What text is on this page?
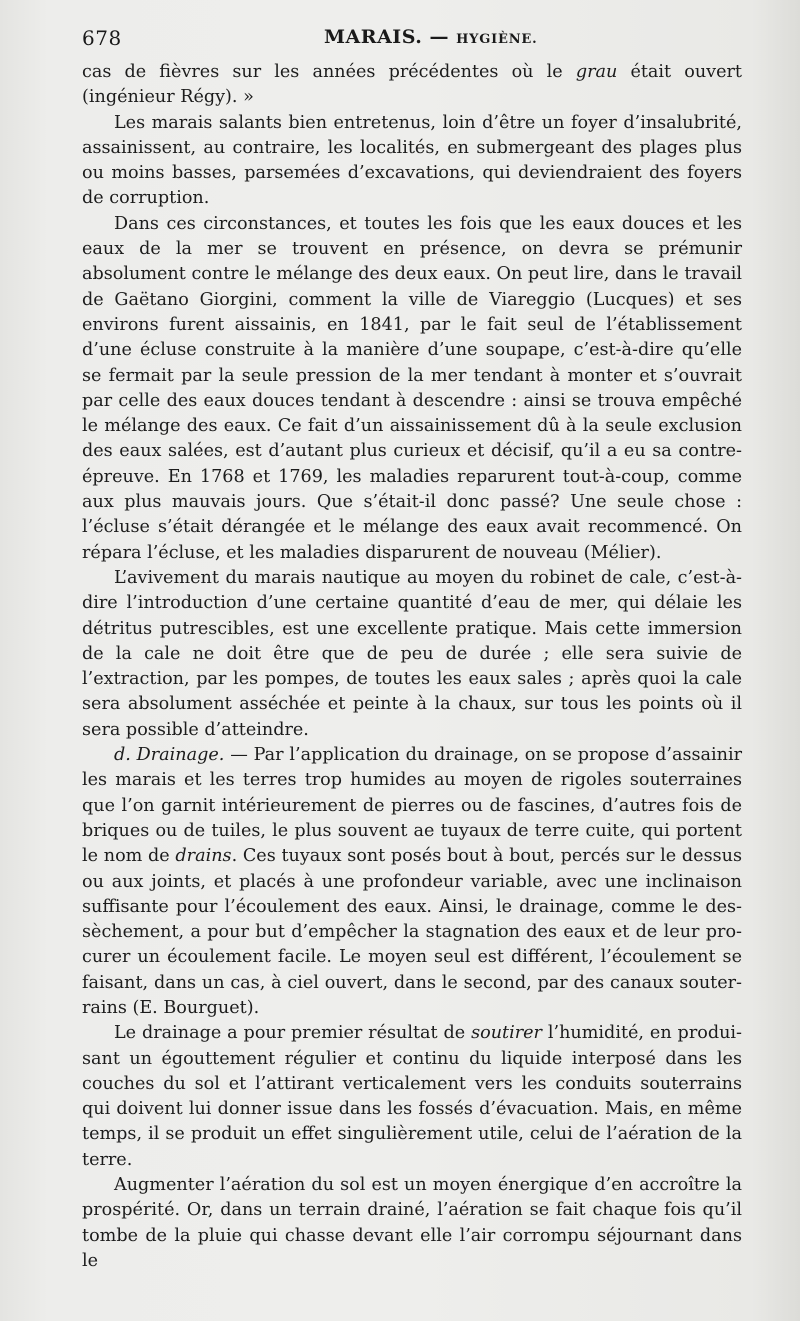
678	MARAIS. — HYGIÈNE.

cas de fièvres sur les années précédentes où le grau était ouvert (ingénieur Régy). »

Les marais salants bien entretenus, loin d’être un foyer d’insalubrité, assainissent, au contraire, les localités, en submergeant des plages plus ou moins basses, parsemées d’excavations, qui deviendraient des foyers de corruption.

Dans ces circonstances, et toutes les fois que les eaux douces et les eaux de la mer se trouvent en présence, on devra se prémunir absolument contre le mélange des deux eaux. On peut lire, dans le travail de Gaëtano Giorgini, comment la ville de Viareggio (Lucques) et ses environs furent aissainis, en 1841, par le fait seul de l’établissement d’une écluse construite à la manière d’une soupape, c’est-à-dire qu’elle se fermait par la seule pression de la mer tendant à monter et s’ouvrait par celle des eaux douces tendant à descendre : ainsi se trouva empêché le mélange des eaux. Ce fait d’un aissainissement dû à la seule exclusion des eaux salées, est d’autant plus curieux et décisif, qu’il a eu sa contre-épreuve. En 1768 et 1769, les maladies reparurent tout-à-coup, comme aux plus mauvais jours. Que s’était-il donc passé? Une seule chose : l’écluse s’était dérangée et le mélange des eaux avait recommencé. On répara l’écluse, et les maladies disparurent de nouveau (Mélier).

L’avivement du marais nautique au moyen du robinet de cale, c’est-à-dire l’introduction d’une certaine quantité d’eau de mer, qui délaie les détritus putrescibles, est une excellente pratique. Mais cette immersion de la cale ne doit être que de peu de durée ; elle sera suivie de l’extraction, par les pompes, de toutes les eaux sales ; après quoi la cale sera absolument asséchée et peinte à la chaux, sur tous les points où il sera possible d’atteindre.

d. Drainage. — Par l’application du drainage, on se propose d’assainir les marais et les terres trop humides au moyen de rigoles souterraines que l’on garnit intérieurement de pierres ou de fascines, d’autres fois de briques ou de tuiles, le plus souvent ae tuyaux de terre cuite, qui portent le nom de drains. Ces tuyaux sont posés bout à bout, percés sur le dessus ou aux joints, et placés à une profondeur variable, avec une inclinaison suffisante pour l’écoulement des eaux. Ainsi, le drainage, comme le dessèchement, a pour but d’empêcher la stagnation des eaux et de leur procurer un écoulement facile. Le moyen seul est différent, l’écoulement se faisant, dans un cas, à ciel ouvert, dans le second, par des canaux souterrains (E. Bourguet).

Le drainage a pour premier résultat de soutirer l’humidité, en produisant un égouttement régulier et continu du liquide interposé dans les couches du sol et l’attirant verticalement vers les conduits souterrains qui doivent lui donner issue dans les fossés d’évacuation. Mais, en même temps, il se produit un effet singulièrement utile, celui de l’aération de la terre.

Augmenter l’aération du sol est un moyen énergique d’en accroître la prospérité. Or, dans un terrain drainé, l’aération se fait chaque fois qu’il tombe de la pluie qui chasse devant elle l’air corrompu séjournant dans le
